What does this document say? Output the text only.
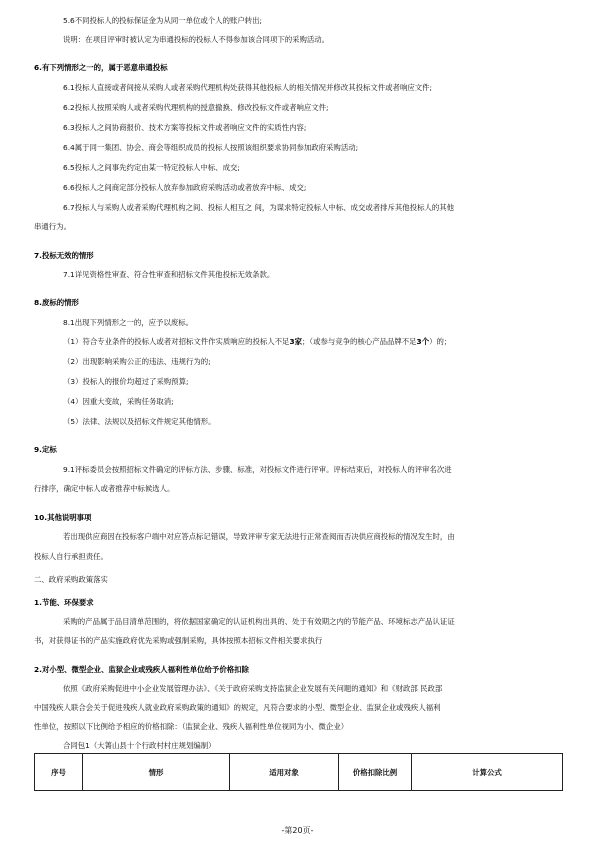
5.6不同投标人的投标保证金为从同一单位或个人的账户转出;
说明：在项目评审时被认定为串通投标的投标人不得参加该合同项下的采购活动。
6.有下列情形之一的，属于恶意串通投标
6.1投标人直接或者间接从采购人或者采购代理机构处获得其他投标人的相关情况并修改其投标文件或者响应文件;
6.2投标人按照采购人或者采购代理机构的授意撤换、修改投标文件或者响应文件;
6.3投标人之间协商报价、技术方案等投标文件或者响应文件的实质性内容;
6.4属于同一集团、协会、商会等组织成员的投标人按照该组织要求协同参加政府采购活动;
6.5投标人之间事先约定由某一特定投标人中标、成交;
6.6投标人之间商定部分投标人放弃参加政府采购活动或者放弃中标、成交;
6.7投标人与采购人或者采购代理机构之间、投标人相互之 间，为谋求特定投标人中标、成交或者排斥其他投标人的其他
串通行为。
7.投标无效的情形
7.1详见资格性审查、符合性审查和招标文件其他投标无效条款。
8.废标的情形
8.1出现下列情形之一的，应予以废标。
（1）符合专业条件的投标人或者对招标文件作实质响应的投标人不足3家；（或参与竞争的核心产品品牌不足3个）的；
（2）出现影响采购公正的违法、违规行为的;
（3）投标人的报价均超过了采购预算;
（4）因重大变故，采购任务取消;
（5）法律、法规以及招标文件规定其他情形。
9.定标
9.1评标委员会按照招标文件确定的评标方法、步骤、标准，对投标文件进行评审。评标结束后，对投标人的评审名次进
行排序，确定中标人或者推荐中标候选人。
10.其他说明事项
若出现供应商因在投标客户端中对应答点标记错误，导致评审专家无法进行正常查阅而否决供应商投标的情况发生时，由
投标人自行承担责任。
二、政府采购政策落实
1.节能、环保要求
采购的产品属于品目清单范围的，将依据国家确定的认证机构出具的、处于有效期之内的节能产品、环境标志产品认证证
书，对获得证书的产品实施政府优先采购或强制采购，具体按照本招标文件相关要求执行
2.对小型、微型企业、监狱企业或残疾人福利性单位给予价格扣除
依照《政府采购促进中小企业发展管理办法》、《关于政府采购支持监狱企业发展有关问题的通知》和《财政部 民政部
中国残疾人联合会关于促进残疾人就业政府采购政策的通知》的规定，凡符合要求的小型、微型企业、监狱企业或残疾人福利
性单位，按照以下比例给予相应的价格扣除：（监狱企业、残疾人福利性单位视同为小、微企业）
合同包1（大箐山县十个行政村村庄规划编制）
序号	情形	适用对象	价格扣除比例	计算公式
-第20页-
